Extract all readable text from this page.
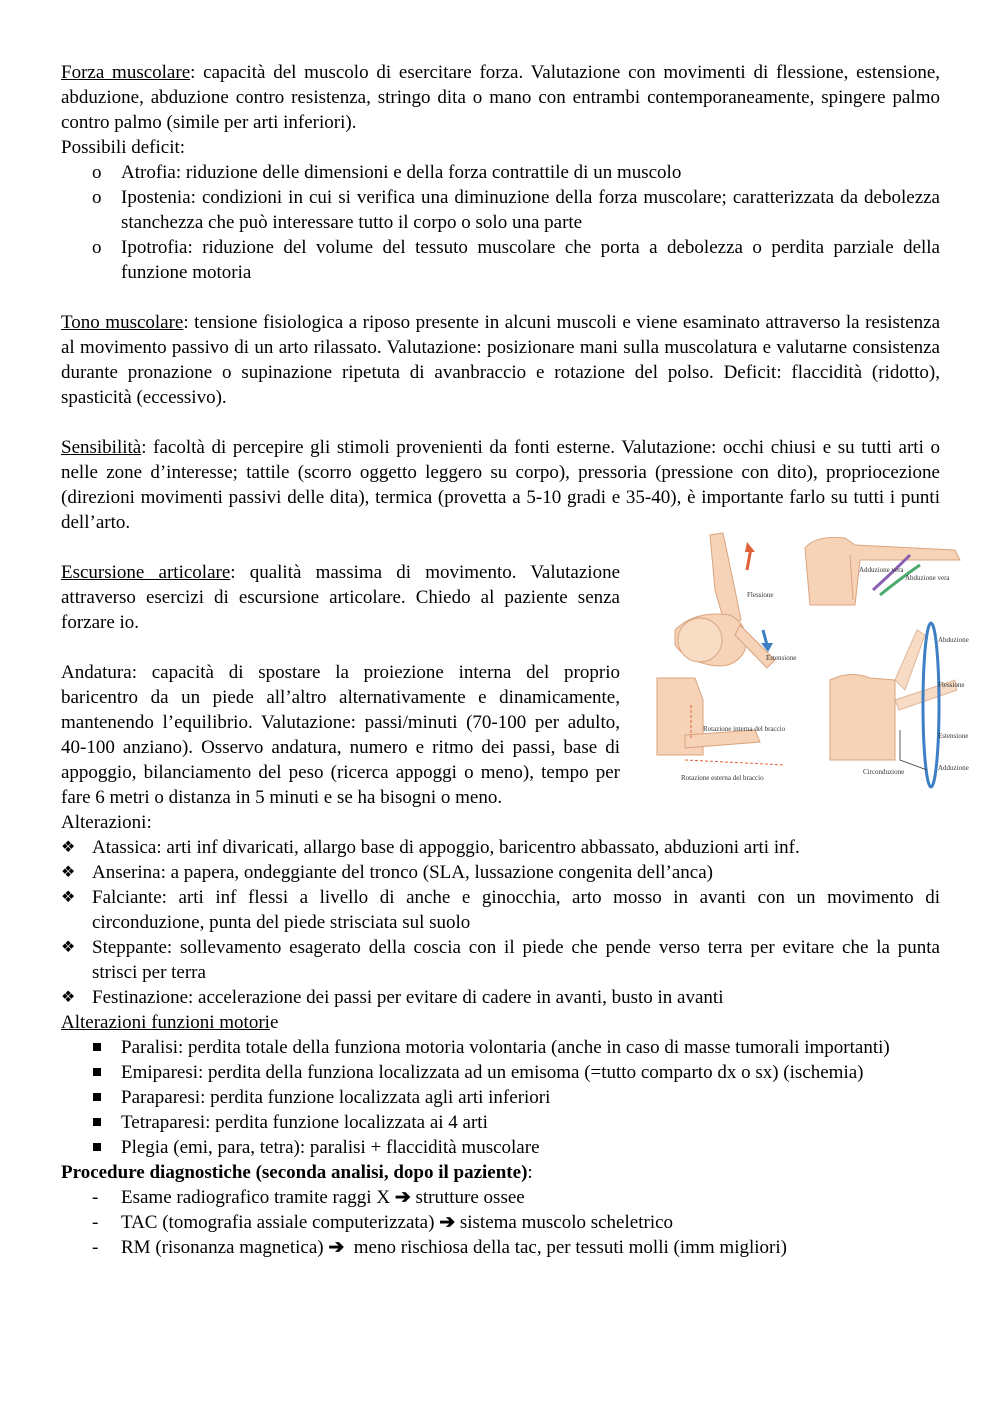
Forza muscolare: capacità del muscolo di esercitare forza. Valutazione con movimenti di flessione, estensione, abduzione, abduzione contro resistenza, stringo dita o mano con entrambi contemporaneamente, spingere palmo contro palmo (simile per arti inferiori).

Possibili deficit:

o Atrofia: riduzione delle dimensioni e della forza contrattile di un muscolo
o Ipostenia: condizioni in cui si verifica una diminuzione della forza muscolare; caratterizzata da debolezza stanchezza che può interessare tutto il corpo o solo una parte
o Ipotrofia: riduzione del volume del tessuto muscolare che porta a debolezza o perdita parziale della funzione motoria

Tono muscolare: tensione fisiologica a riposo presente in alcuni muscoli e viene esaminato attraverso la resistenza al movimento passivo di un arto rilassato. Valutazione: posizionare mani sulla muscolatura e valutarne consistenza durante pronazione o supinazione ripetuta di avanbraccio e rotazione del polso. Deficit: flaccidità (ridotto), spasticità (eccessivo).

Sensibilità: facoltà di percepire gli stimoli provenienti da fonti esterne. Valutazione: occhi chiusi e su tutti arti o nelle zone d’interesse; tattile (scorro oggetto leggero su corpo), pressoria (pressione con dito), propriocezione (direzioni movimenti passivi delle dita), termica (provetta a 5-10 gradi e 35-40), è importante farlo su tutti i punti dell’arto.

Escursione articolare: qualità massima di movimento. Valutazione attraverso esercizi di escursione articolare. Chiedo al paziente senza forzare io.

Andatura: capacità di spostare la proiezione interna del proprio baricentro da un piede all’altro alternativamente e dinamicamente, mantenendo l’equilibrio. Valutazione: passi/minuti (70-100 per adulto, 40-100 anziano). Osservo andatura, numero e ritmo dei passi, base di appoggio, bilanciamento del peso (ricerca appoggi o meno), tempo per fare 6 metri o distanza in 5 minuti e se ha bisogni o meno.

Alterazioni:

❖ Atassica: arti inf divaricati, allargo base di appoggio, baricentro abbassato, abduzioni arti inf.
❖ Anserina: a papera, ondeggiante del tronco (SLA, lussazione congenita dell’anca)
❖ Falciante: arti inf flessi a livello di anche e ginocchia, arto mosso in avanti con un movimento di circonduzione, punta del piede strisciata sul suolo
❖ Steppante: sollevamento esagerato della coscia con il piede che pende verso terra per evitare che la punta strisci per terra
❖ Festinazione: accelerazione dei passi per evitare di cadere in avanti, busto in avanti

Alterazioni funzioni motorie

Paralisi: perdita totale della funziona motoria volontaria (anche in caso di masse tumorali importanti)
Emiparesi: perdita della funziona localizzata ad un emisoma (=tutto comparto dx o sx) (ischemia)
Paraparesi: perdita funzione localizzata agli arti inferiori
Tetraparesi: perdita funzione localizzata ai 4 arti
Plegia (emi, para, tetra): paralisi + flaccidità muscolare

Procedure diagnostiche (seconda analisi, dopo il paziente):

- Esame radiografico tramite raggi X ➔ strutture ossee
- TAC (tomografia assiale computerizzata) ➔ sistema muscolo scheletrico
- RM (risonanza magnetica) ➔  meno rischiosa della tac, per tessuti molli (imm migliori)
Flessione
Estensione
Adduzione vera
Abduzione vera
Rotazione interna del braccio
Rotazione esterna del braccio
Abduzione
Flessione
Estensione
Adduzione
Circonduzione
